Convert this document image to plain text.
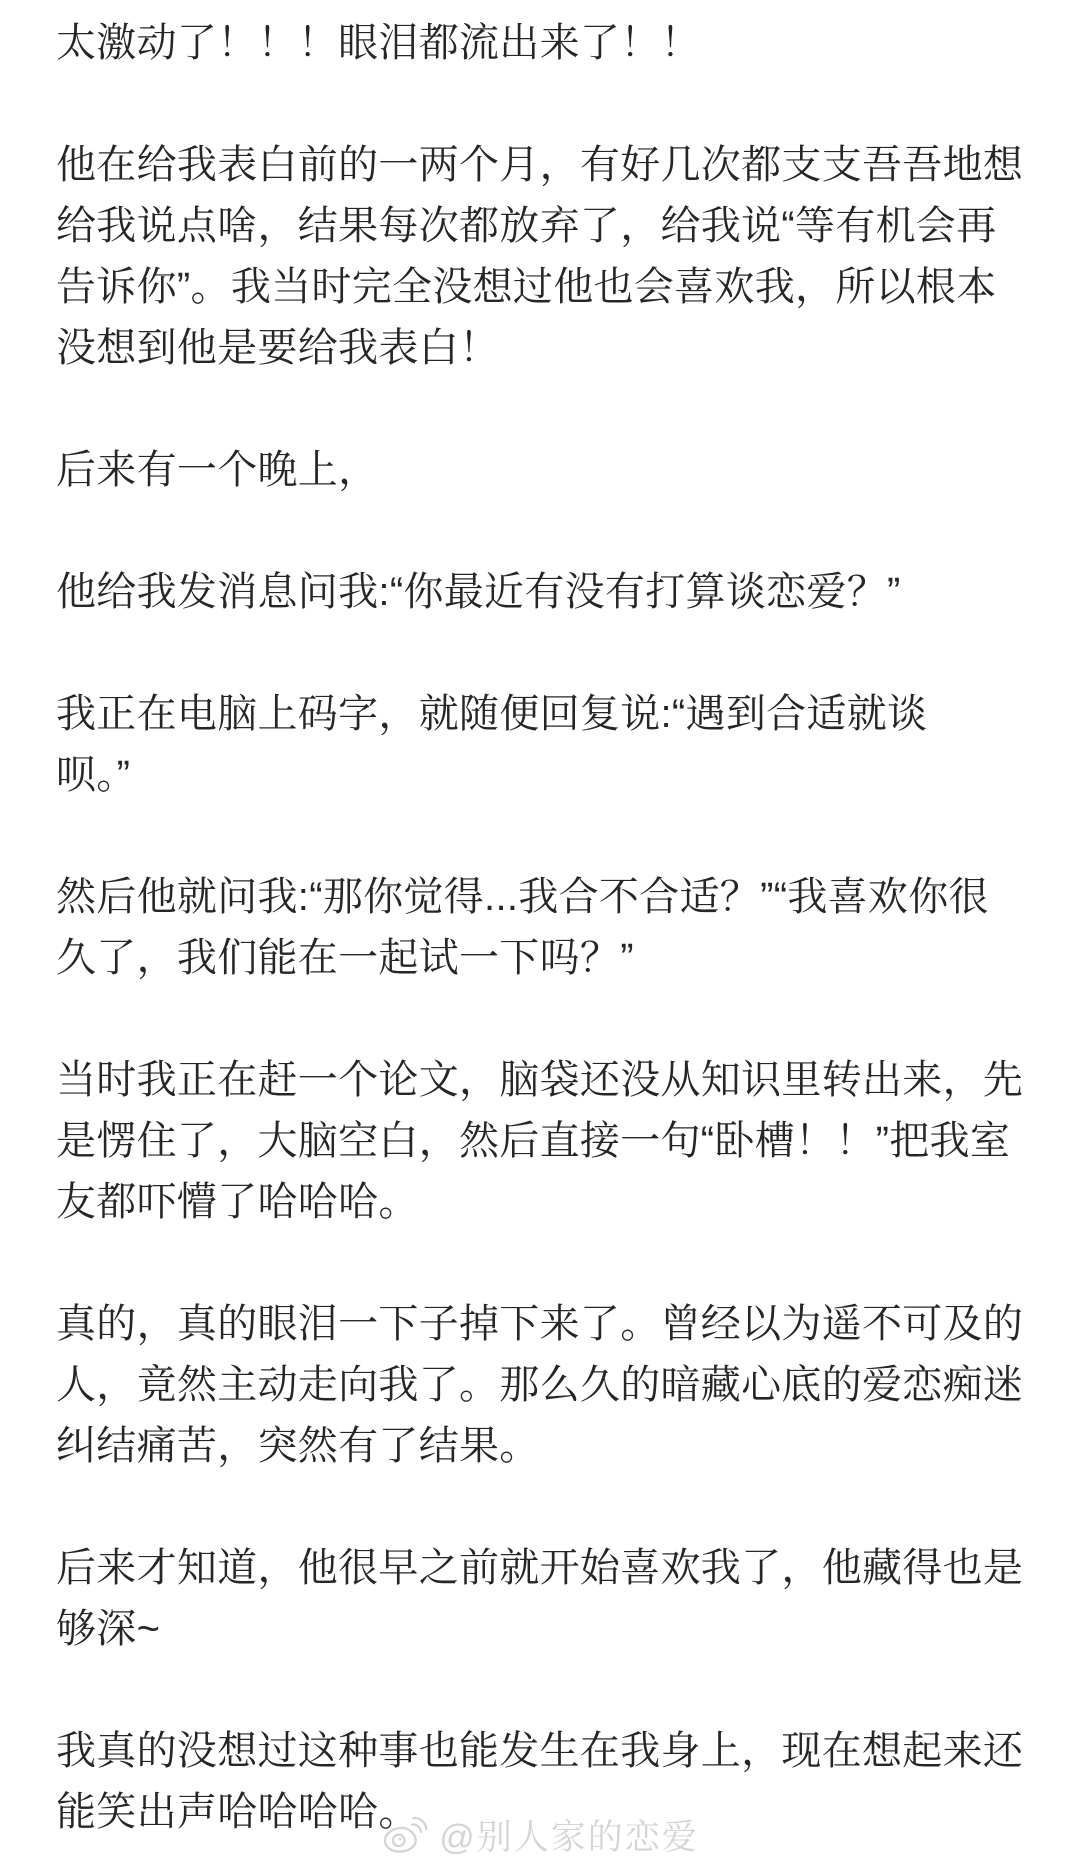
太激动了！！！眼泪都流出来了！！
他在给我表白前的一两个月，有好几次都支支吾吾地想
给我说点啥，结果每次都放弃了，给我说“等有机会再
告诉你”。我当时完全没想过他也会喜欢我，所以根本
没想到他是要给我表白！
后来有一个晚上，
他给我发消息问我:“你最近有没有打算谈恋爱？”
我正在电脑上码字，就随便回复说:“遇到合适就谈
呗。”
然后他就问我:“那你觉得...我合不合适？”“我喜欢你很
久了，我们能在一起试一下吗？”
当时我正在赶一个论文，脑袋还没从知识里转出来，先
是愣住了，大脑空白，然后直接一句“卧槽！！”把我室
友都吓懵了哈哈哈。
真的，真的眼泪一下子掉下来了。曾经以为遥不可及的
人，竟然主动走向我了。那么久的暗藏心底的爱恋痴迷
纠结痛苦，突然有了结果。
后来才知道，他很早之前就开始喜欢我了，他藏得也是
够深~
我真的没想过这种事也能发生在我身上，现在想起来还
能笑出声哈哈哈哈。
@别人家的恋爱
